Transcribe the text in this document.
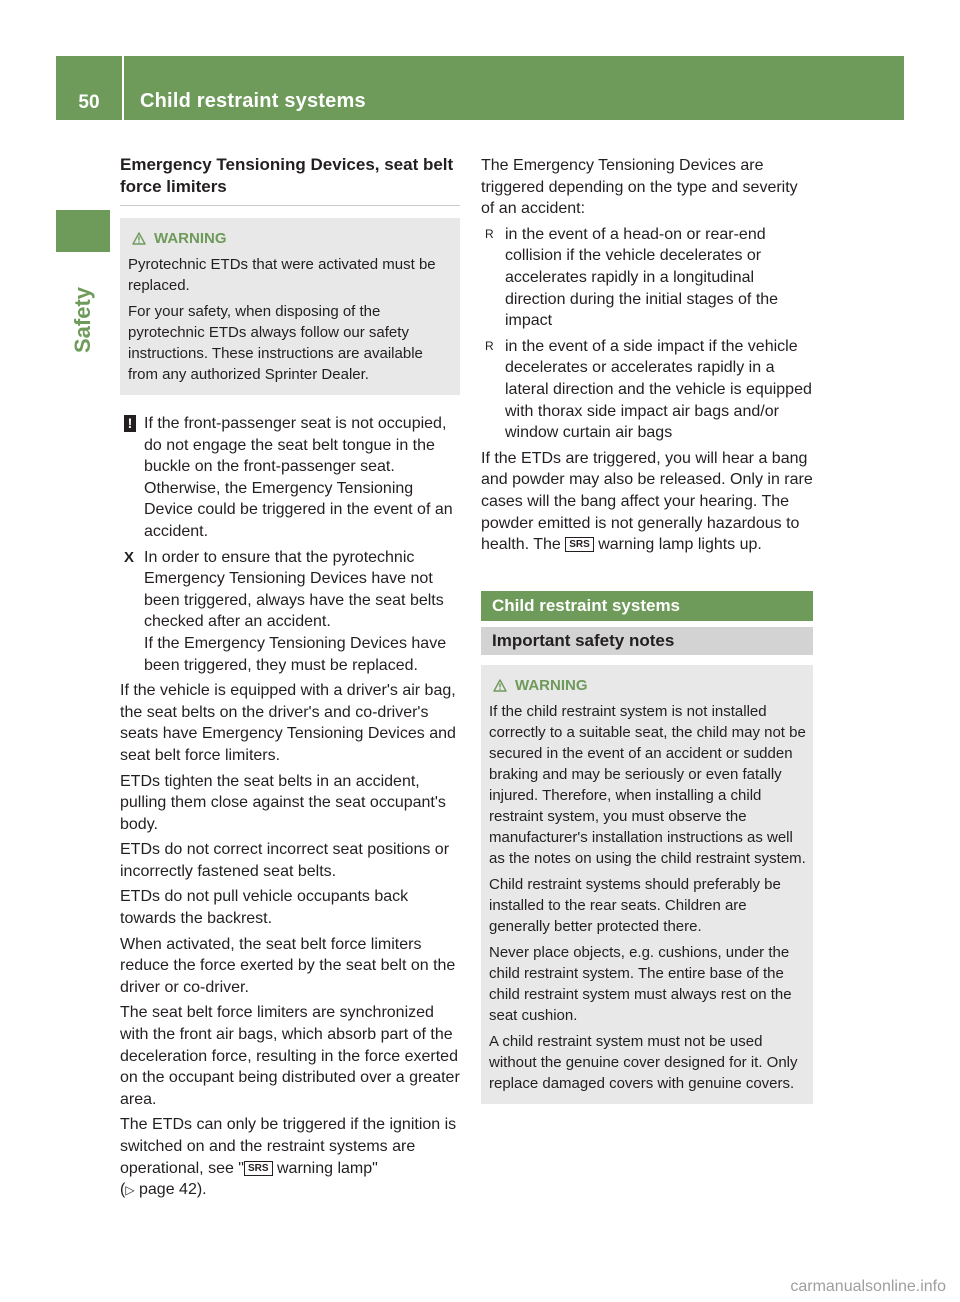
50	Child restraint systems
Safety
Emergency Tensioning Devices, seat belt force limiters

WARNING

Pyrotechnic ETDs that were activated must be replaced.

For your safety, when disposing of the pyrotechnic ETDs always follow our safety instructions. These instructions are available from any authorized Sprinter Dealer.

! If the front-passenger seat is not occupied, do not engage the seat belt tongue in the buckle on the front-passenger seat. Otherwise, the Emergency Tensioning Device could be triggered in the event of an accident.
X In order to ensure that the pyrotechnic Emergency Tensioning Devices have not been triggered, always have the seat belts checked after an accident.
If the Emergency Tensioning Devices have been triggered, they must be replaced.

If the vehicle is equipped with a driver's air bag, the seat belts on the driver's and co-driver's seats have Emergency Tensioning Devices and seat belt force limiters.

ETDs tighten the seat belts in an accident, pulling them close against the seat occupant's body.

ETDs do not correct incorrect seat positions or incorrectly fastened seat belts.

ETDs do not pull vehicle occupants back towards the backrest.

When activated, the seat belt force limiters reduce the force exerted by the seat belt on the driver or co-driver.

The seat belt force limiters are synchronized with the front air bags, which absorb part of the deceleration force, resulting in the force exerted on the occupant being distributed over a greater area.

The ETDs can only be triggered if the ignition is switched on and the restraint systems are operational, see " SRS warning lamp"
(▷ page 42).

The Emergency Tensioning Devices are triggered depending on the type and severity of an accident:

R in the event of a head-on or rear-end collision if the vehicle decelerates or accelerates rapidly in a longitudinal direction during the initial stages of the impact
R in the event of a side impact if the vehicle decelerates or accelerates rapidly in a lateral direction and the vehicle is equipped with thorax side impact air bags and/or window curtain air bags

If the ETDs are triggered, you will hear a bang and powder may also be released. Only in rare cases will the bang affect your hearing. The powder emitted is not generally hazardous to health. The SRS warning lamp lights up.

Child restraint systems
Important safety notes

WARNING

If the child restraint system is not installed correctly to a suitable seat, the child may not be secured in the event of an accident or sudden braking and may be seriously or even fatally injured. Therefore, when installing a child restraint system, you must observe the manufacturer's installation instructions as well as the notes on using the child restraint system.

Child restraint systems should preferably be installed to the rear seats. Children are generally better protected there.

Never place objects, e.g. cushions, under the child restraint system. The entire base of the child restraint system must always rest on the seat cushion.

A child restraint system must not be used without the genuine cover designed for it. Only replace damaged covers with genuine covers.

carmanualsonline.info
